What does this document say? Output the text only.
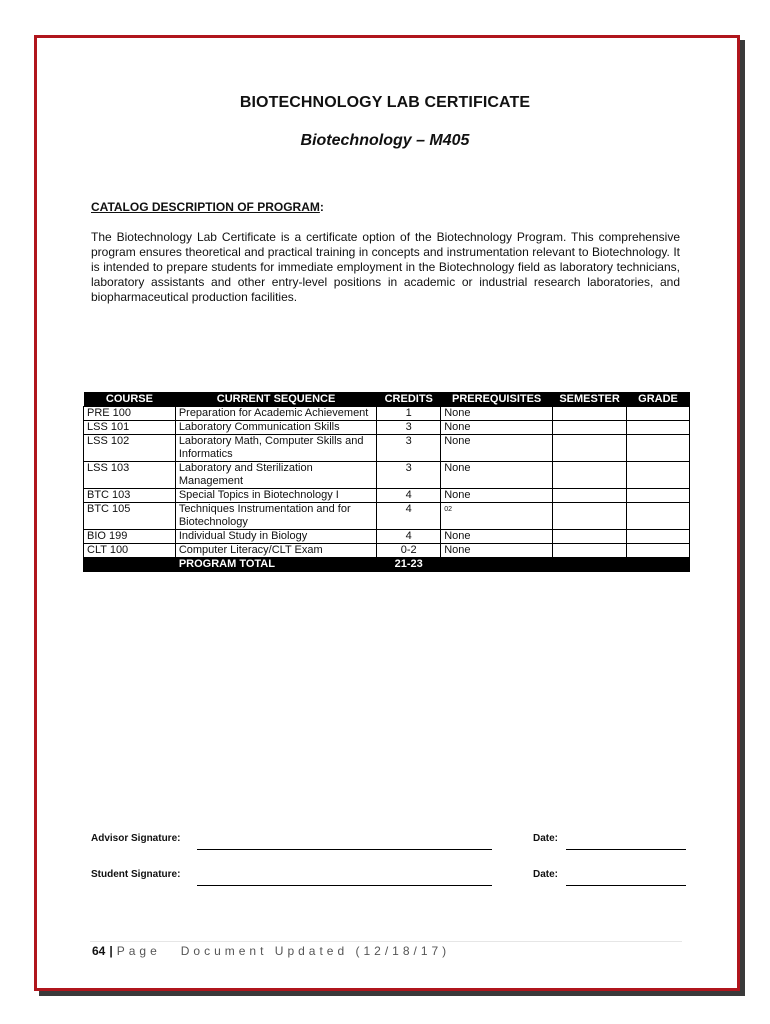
BIOTECHNOLOGY LAB CERTIFICATE
Biotechnology – M405
CATALOG DESCRIPTION OF PROGRAM:
The Biotechnology Lab Certificate is a certificate option of the Biotechnology Program. This comprehensive program ensures theoretical and practical training in concepts and instrumentation relevant to Biotechnology. It is intended to prepare students for immediate employment in the Biotechnology field as laboratory technicians, laboratory assistants and other entry-level positions in academic or industrial research laboratories, and biopharmaceutical production facilities.
COURSE	CURRENT SEQUENCE	CREDITS	PREREQUISITES	SEMESTER	GRADE
PRE 100	Preparation for Academic Achievement	1	None		
LSS 101	Laboratory Communication Skills	3	None		
LSS 102	Laboratory Math, Computer Skills and Informatics	3	None		
LSS 103	Laboratory and Sterilization Management	3	None		
BTC 103	Special Topics in Biotechnology I	4	None		
BTC 105	Techniques Instrumentation and for Biotechnology	4	02		
BIO 199	Individual Study in Biology	4	None		
CLT 100	Computer Literacy/CLT Exam	0-2	None		
	PROGRAM TOTAL	21-23			
Advisor Signature:	Date:
Student Signature:	Date:
64 | Page Document Updated (12/18/17)
